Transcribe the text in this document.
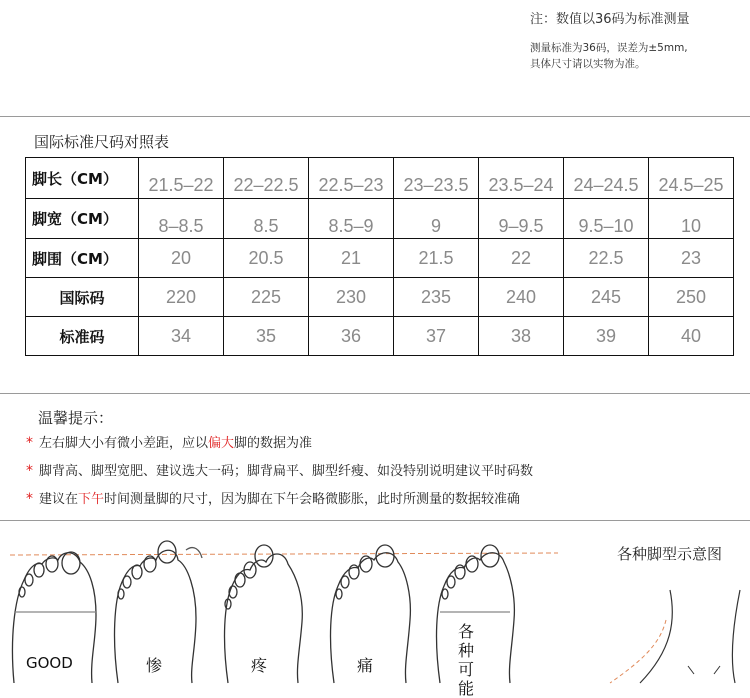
注：数值以36码为标准测量
测量标准为36码，误差为±5mm,
具体尺寸请以实物为准。
国际标准尺码对照表
脚长（CM）	21.5–22	22–22.5	22.5–23	23–23.5	23.5–24	24–24.5	24.5–25
脚宽（CM）	8–8.5	8.5	8.5–9	9	9–9.5	9.5–10	10
脚围（CM）	20	20.5	21	21.5	22	22.5	23
国际码	220	225	230	235	240	245	250
标准码	34	35	36	37	38	39	40
温馨提示：
* 左右脚大小有微小差距，应以偏大脚的数据为准
* 脚背高、脚型宽肥、建议选大一码；脚背扁平、脚型纤瘦、如没特别说明建议平时码数
* 建议在下午时间测量脚的尺寸，因为脚在下午会略微膨胀，此时所测量的数据较准确
GOOD	惨	疼	痛
各种可能
各种脚型示意图
